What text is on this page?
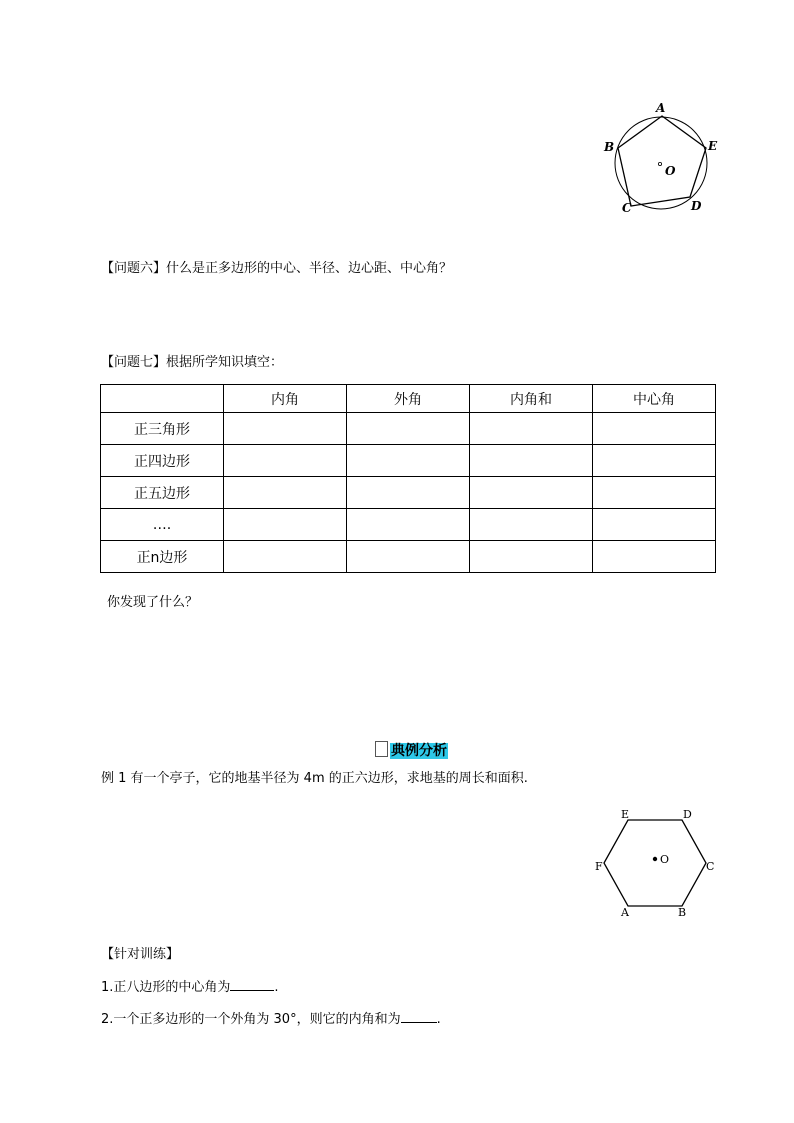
A
B	E
O
C	D
【问题六】什么是正多边形的中心、半径、边心距、中心角？
【问题七】根据所学知识填空：
	内角	外角	内角和	中心角
正三角形				
正四边形				
正五边形				
….				
正n边形				
你发现了什么？
典例分析
例 1 有一个亭子，它的地基半径为 4m 的正六边形，求地基的周长和面积.
E	D
F
O
C
A	B
【针对训练】
1.正八边形的中心角为	.
2.一个正多边形的一个外角为 30°，则它的内角和为	.
